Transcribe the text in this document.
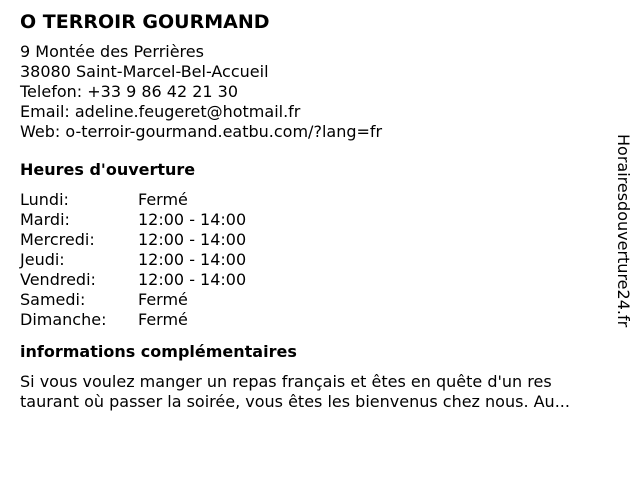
O TERROIR GOURMAND
9 Montée des Perrières
38080 Saint-Marcel-Bel-Accueil
Telefon: +33 9 86 42 21 30
Email: adeline.feugeret@hotmail.fr
Web: o-terroir-gourmand.eatbu.com/?lang=fr
Heures d'ouverture
Lundi:	Fermé
Mardi:	12:00 - 14:00
Mercredi:	12:00 - 14:00
Jeudi:	12:00 - 14:00
Vendredi:	12:00 - 14:00
Samedi:	Fermé
Dimanche:	Fermé
informations complémentaires
Si vous voulez manger un repas français et êtes en quête d'un res
taurant où passer la soirée, vous êtes les bienvenus chez nous. Au...
Horairesdouverture24.fr
